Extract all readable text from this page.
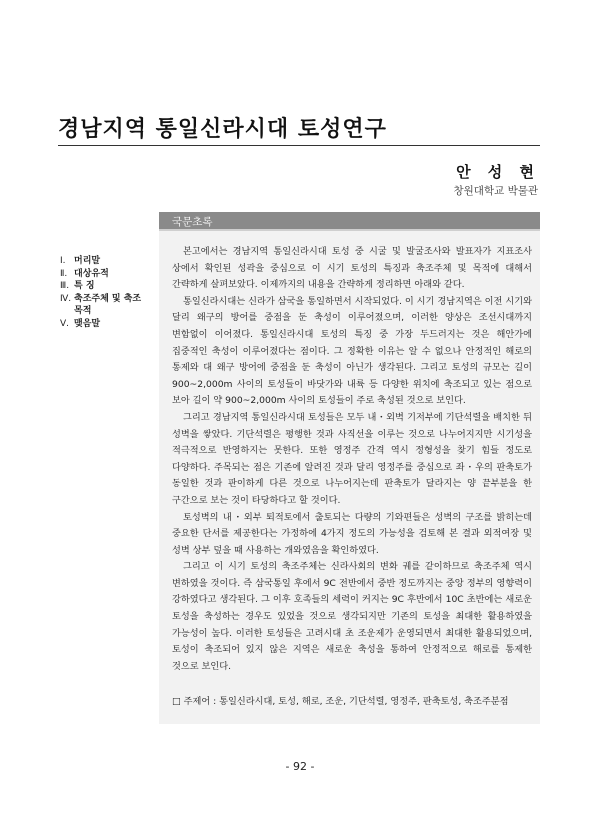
경남지역 통일신라시대 토성연구
안 성 현
창원대학교 박물관
Ⅰ. 머리말
Ⅱ. 대상유적
Ⅲ. 특 징
Ⅳ. 축조주체 및 축조 목적
Ⅴ. 맺음말
국문초록

본고에서는 경남지역 통일신라시대 토성 중 시굴 및 발굴조사와 발표자가 지표조사 상에서 확인된 성곽을 중심으로 이 시기 토성의 특징과 축조주체 및 목적에 대해서 간략하게 살펴보았다. 이제까지의 내용을 간략하게 정리하면 아래와 같다.

통일신라시대는 신라가 삼국을 통일하면서 시작되었다. 이 시기 경남지역은 이전 시기와 달리 왜구의 방어를 중점을 둔 축성이 이루어졌으며, 이러한 양상은 조선시대까지 변함없이 이어졌다. 통일신라시대 토성의 특징 중 가장 두드러지는 것은 해안가에 집중적인 축성이 이루어졌다는 점이다. 그 정확한 이유는 알 수 없으나 안정적인 해로의 통제와 대 왜구 방어에 중점을 둔 축성이 아닌가 생각된다. 그리고 토성의 규모는 길이 900~2,000m 사이의 토성들이 바닷가와 내륙 등 다양한 위치에 축조되고 있는 점으로 보아 길이 약 900~2,000m 사이의 토성들이 주로 축성된 것으로 보인다.

그리고 경남지역 통일신라시대 토성들은 모두 내・외벽 기저부에 기단석렬을 배치한 뒤 성벽을 쌓았다. 기단석렬은 평행한 것과 사직선을 이루는 것으로 나누어지지만 시기성을 적극적으로 반영하지는 못한다. 또한 영정주 간격 역시 정형성을 찾기 힘들 정도로 다양하다. 주목되는 점은 기존에 알려진 것과 달리 영정주를 중심으로 좌・우의 판축토가 동일한 것과 판이하게 다른 것으로 나누어지는데 판축토가 달라지는 양 끝부분을 한 구간으로 보는 것이 타당하다고 할 것이다.

토성벽의 내・외부 퇴적토에서 출토되는 다량의 기와편들은 성벽의 구조를 밝히는데 중요한 단서를 제공한다는 가정하에 4가지 정도의 가능성을 검토해 본 결과 외적여장 및 성벽 상부 덮을 때 사용하는 개와였음을 확인하였다.

그리고 이 시기 토성의 축조주체는 신라사회의 변화 궤를 같이하므로 축조주체 역시 변하였을 것이다. 즉 삼국통일 후에서 9C 전반에서 중반 정도까지는 중앙 정부의 영향력이 강하였다고 생각된다. 그 이후 호족들의 세력이 커지는 9C 후반에서 10C 초반에는 새로운 토성을 축성하는 경우도 있었을 것으로 생각되지만 기존의 토성을 최대한 활용하였을 가능성이 높다. 이러한 토성들은 고려시대 초 조운제가 운영되면서 최대한 활용되었으며, 토성이 축조되어 있지 않은 지역은 새로운 축성을 통하여 안정적으로 해로를 통제한 것으로 보인다.

□ 주제어 : 통일신라시대, 토성, 해로, 조운, 기단석렬, 영정주, 판축토성, 축조주분점
- 92 -
